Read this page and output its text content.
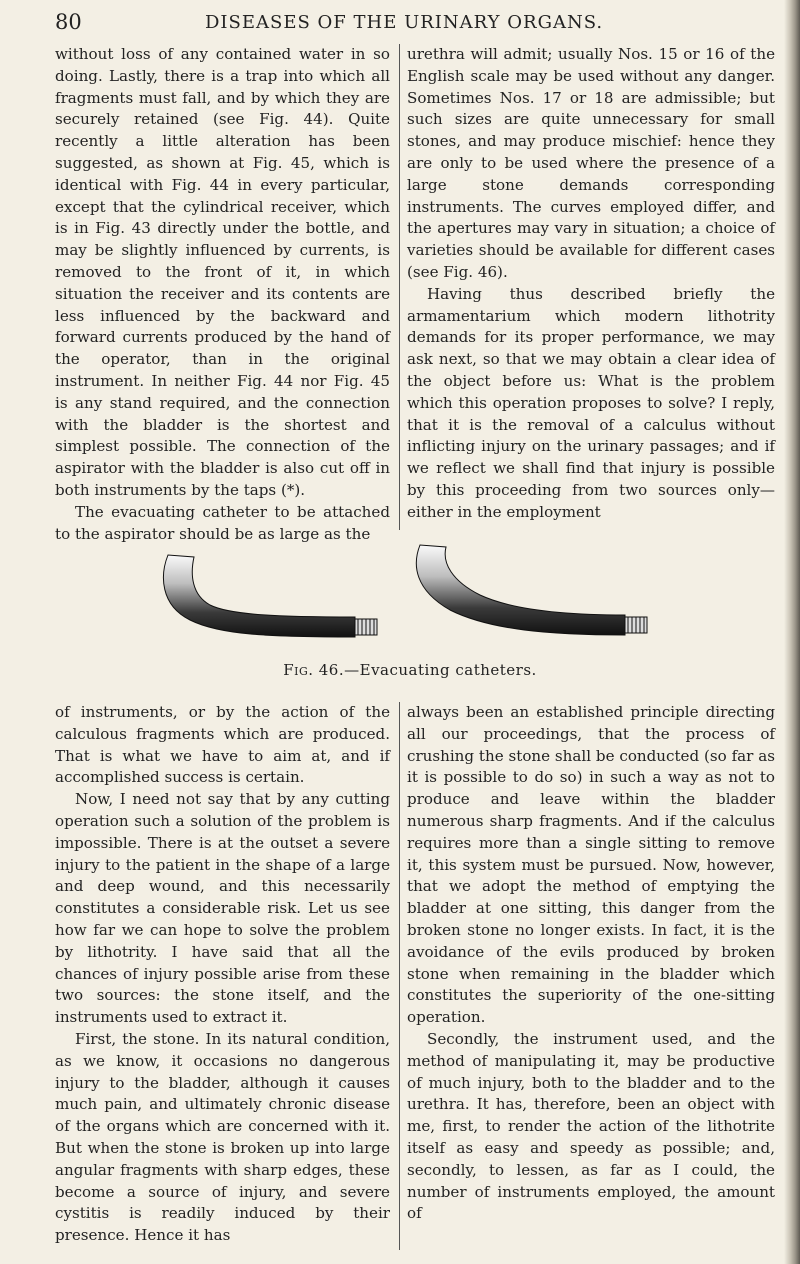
80	DISEASES OF THE URINARY ORGANS.

without loss of any contained water in so doing. Lastly, there is a trap into which all fragments must fall, and by which they are securely retained (see Fig. 44). Quite recently a little alteration has been suggested, as shown at Fig. 45, which is identical with Fig. 44 in every particular, except that the cylindrical receiver, which is in Fig. 43 directly under the bottle, and may be slightly influenced by currents, is removed to the front of it, in which situation the receiver and its contents are less influenced by the backward and forward currents produced by the hand of the operator, than in the original instrument. In neither Fig. 44 nor Fig. 45 is any stand required, and the connection with the bladder is the shortest and simplest possible. The connection of the aspirator with the bladder is also cut off in both instruments by the taps (*).

The evacuating catheter to be attached to the aspirator should be as large as the

urethra will admit; usually Nos. 15 or 16 of the English scale may be used without any danger. Sometimes Nos. 17 or 18 are admissible; but such sizes are quite unnecessary for small stones, and may produce mischief: hence they are only to be used where the presence of a large stone demands corresponding instruments. The curves employed differ, and the apertures may vary in situation; a choice of varieties should be available for different cases (see Fig. 46).

Having thus described briefly the armamentarium which modern lithotrity demands for its proper performance, we may ask next, so that we may obtain a clear idea of the object before us: What is the problem which this operation proposes to solve? I reply, that it is the removal of a calculus without inflicting injury on the urinary passages; and if we reflect we shall find that injury is possible by this proceeding from two sources only—either in the employment

Fig. 46.—Evacuating catheters.

of instruments, or by the action of the calculous fragments which are produced. That is what we have to aim at, and if accomplished success is certain.

Now, I need not say that by any cutting operation such a solution of the problem is impossible. There is at the outset a severe injury to the patient in the shape of a large and deep wound, and this necessarily constitutes a considerable risk. Let us see how far we can hope to solve the problem by lithotrity. I have said that all the chances of injury possible arise from these two sources: the stone itself, and the instruments used to extract it.

First, the stone. In its natural condition, as we know, it occasions no dangerous injury to the bladder, although it causes much pain, and ultimately chronic disease of the organs which are concerned with it. But when the stone is broken up into large angular fragments with sharp edges, these become a source of injury, and severe cystitis is readily induced by their presence. Hence it has

always been an established principle directing all our proceedings, that the process of crushing the stone shall be conducted (so far as it is possible to do so) in such a way as not to produce and leave within the bladder numerous sharp fragments. And if the calculus requires more than a single sitting to remove it, this system must be pursued. Now, however, that we adopt the method of emptying the bladder at one sitting, this danger from the broken stone no longer exists. In fact, it is the avoidance of the evils produced by broken stone when remaining in the bladder which constitutes the superiority of the one-sitting operation.

Secondly, the instrument used, and the method of manipulating it, may be productive of much injury, both to the bladder and to the urethra. It has, therefore, been an object with me, first, to render the action of the lithotrite itself as easy and speedy as possible; and, secondly, to lessen, as far as I could, the number of instruments employed, the amount of
